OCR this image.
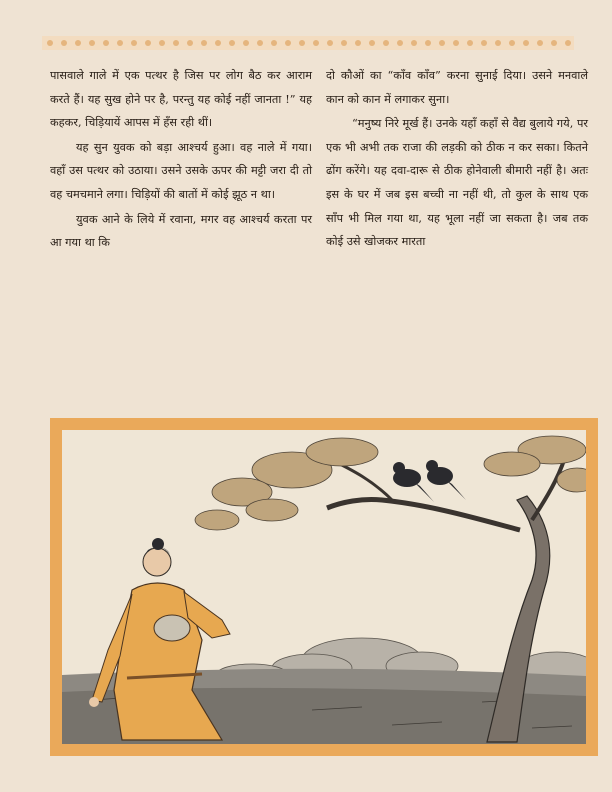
पासवाले गाले में एक पत्थर है जिस पर लोग बैठ कर आराम करते हैं। यह सुख होने पर है, परन्तु यह कोई नहीं जानता !” यह कहकर, चिड़ियायें आपस में हँस रही थीं।

यह सुन युवक को बड़ा आश्चर्य हुआ। वह नाले में गया। वहाँ उस पत्थर को उठाया। उसने उसके ऊपर की मट्टी जरा दी तो वह चमचमाने लगा। चिड़ियों की बातों में कोई झूठ न था।

युवक आने के लिये में रवाना, मगर वह आश्चर्य करता पर आ गया था कि

दो कौओं का “काँव काँव” करना सुनाई दिया। उसने मनवाले कान को कान में लगाकर सुना।

“मनुष्य निरे मूर्ख हैं। उनके यहाँ कहाँ से वैद्य बुलाये गये, पर एक भी अभी तक राजा की लड़की को ठीक न कर सका। कितने ढोंग करेंगे। यह दवा-दारू से ठीक होनेवाली बीमारी नहीं है। अतः इस के घर में जब इस बच्ची ना नहीं थी, तो कुल के साथ एक साँप भी मिल गया था, यह भूला नहीं जा सकता है। जब तक कोई उसे खोजकर मारता
